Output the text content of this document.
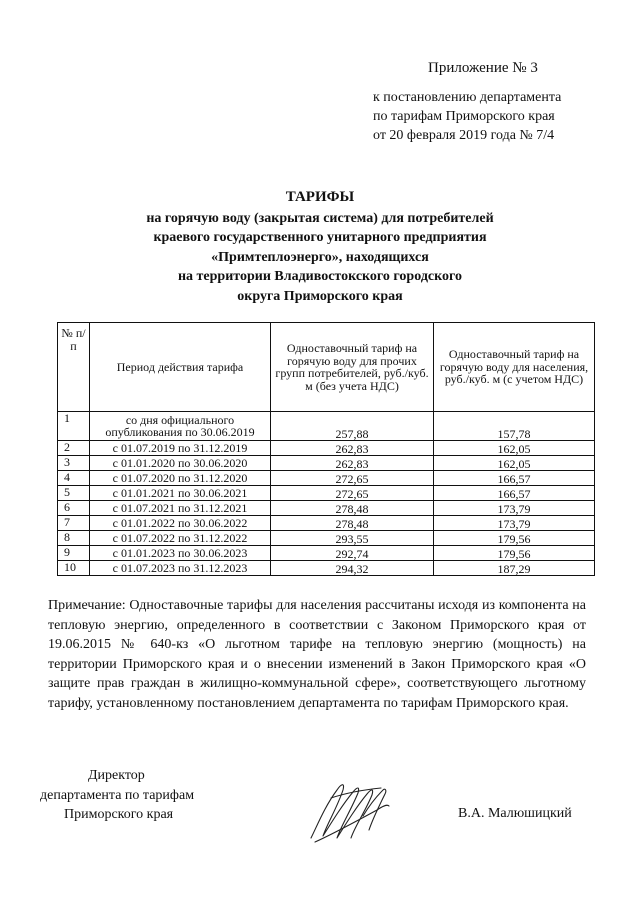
Приложение № 3
к постановлению департамента
по тарифам Приморского края
от 20 февраля 2019 года № 7/4
ТАРИФЫ
на горячую воду (закрытая система) для потребителей
краевого государственного унитарного предприятия
«Примтеплоэнерго», находящихся
на территории Владивостокского городского
округа Приморского края
№ п/п	Период действия тарифа	Одноставочный тариф на горячую воду для прочих групп потребителей, руб./куб. м (без учета НДС)	Одноставочный тариф на горячую воду для населения, руб./куб. м (с учетом НДС)
1	со дня официального опубликования по 30.06.2019	257,88	157,78
2	с 01.07.2019 по 31.12.2019	262,83	162,05
3	с 01.01.2020 по 30.06.2020	262,83	162,05
4	с 01.07.2020 по 31.12.2020	272,65	166,57
5	с 01.01.2021 по 30.06.2021	272,65	166,57
6	с 01.07.2021 по 31.12.2021	278,48	173,79
7	с 01.01.2022 по 30.06.2022	278,48	173,79
8	с 01.07.2022 по 31.12.2022	293,55	179,56
9	с 01.01.2023 по 30.06.2023	292,74	179,56
10	с 01.07.2023 по 31.12.2023	294,32	187,29
Примечание: Одноставочные тарифы для населения рассчитаны исходя из компонента на тепловую энергию, определенного в соответствии с Законом Приморского края от 19.06.2015 № 640-кз «О льготном тарифе на тепловую энергию (мощность) на территории Приморского края и о внесении изменений в Закон Приморского края «О защите прав граждан в жилищно-коммунальной сфере», соответствующего льготному тарифу, установленному постановлением департамента по тарифам Приморского края.
Директор
департамента по тарифам
Приморского края	В.А. Малюшицкий
